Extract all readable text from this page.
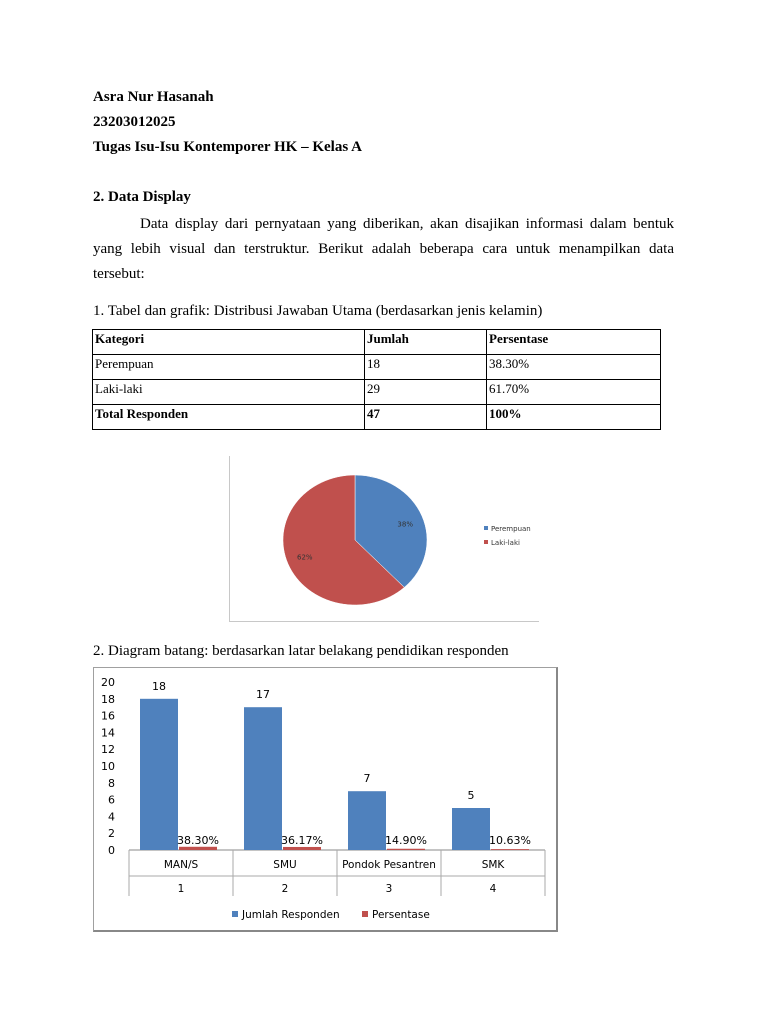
Asra Nur Hasanah
23203012025
Tugas Isu-Isu Kontemporer HK – Kelas A
2. Data Display
Data display dari pernyataan yang diberikan, akan disajikan informasi dalam bentuk yang lebih visual dan terstruktur. Berikut adalah beberapa cara untuk menampilkan data tersebut:
1. Tabel dan grafik: Distribusi Jawaban Utama (berdasarkan jenis kelamin)
Kategori	Jumlah	Persentase
Perempuan	18	38.30%
Laki-laki	29	61.70%
Total Responden	47	100%
38%
62%
Perempuan
Laki-laki
2. Diagram batang: berdasarkan latar belakang pendidikan responden
0
2
4
6
8
10
12
14
16
18
20	18
38.30%
MAN/S
1
17
36.17%
SMU
2
7
14.90%
Pondok Pesantren
3
5
10.63%
SMK
4
Jumlah Responden	Persentase
